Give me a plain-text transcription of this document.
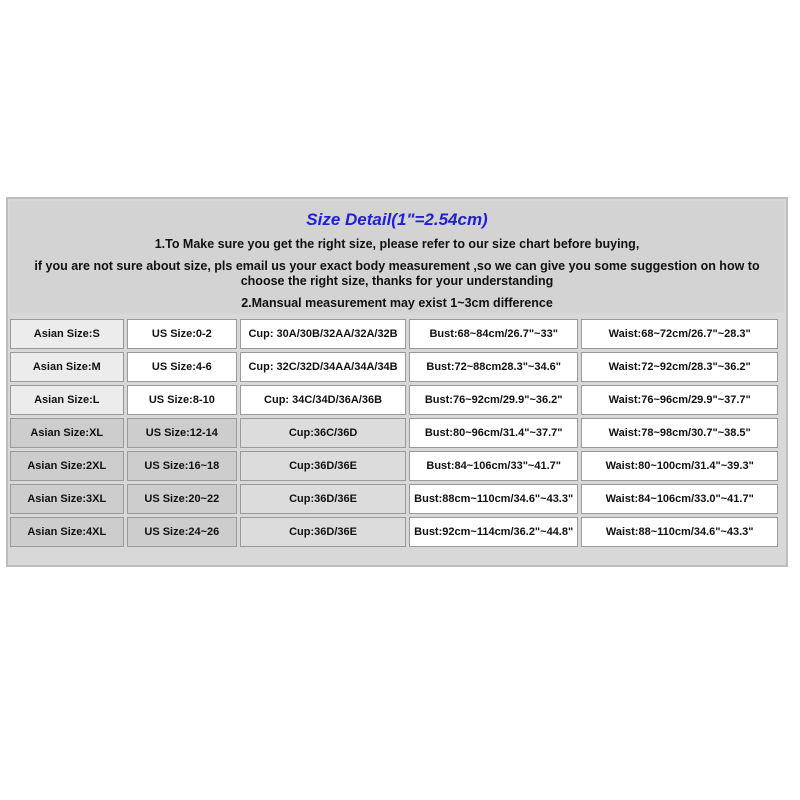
Size Detail(1"=2.54cm)
1.To Make sure you get the right size, please refer to our size chart before buying,
if you are not sure about size, pls email us your exact body measurement ,so we can give you some suggestion on how to choose the right size, thanks for your understanding
2.Mansual measurement may exist 1~3cm difference
Asian Size:S	US Size:0-2	Cup: 30A/30B/32AA/32A/32B	Bust:68~84cm/26.7"~33"	Waist:68~72cm/26.7"~28.3"
Asian Size:M	US Size:4-6	Cup: 32C/32D/34AA/34A/34B	Bust:72~88cm28.3"~34.6"	Waist:72~92cm/28.3"~36.2"
Asian Size:L	US Size:8-10	Cup: 34C/34D/36A/36B	Bust:76~92cm/29.9"~36.2"	Waist:76~96cm/29.9"~37.7"
Asian Size:XL	US Size:12-14	Cup:36C/36D	Bust:80~96cm/31.4"~37.7"	Waist:78~98cm/30.7"~38.5"
Asian Size:2XL	US Size:16~18	Cup:36D/36E	Bust:84~106cm/33"~41.7"	Waist:80~100cm/31.4"~39.3"
Asian Size:3XL	US Size:20~22	Cup:36D/36E	Bust:88cm~110cm/34.6"~43.3"	Waist:84~106cm/33.0"~41.7"
Asian Size:4XL	US Size:24~26	Cup:36D/36E	Bust:92cm~114cm/36.2"~44.8"	Waist:88~110cm/34.6"~43.3"
